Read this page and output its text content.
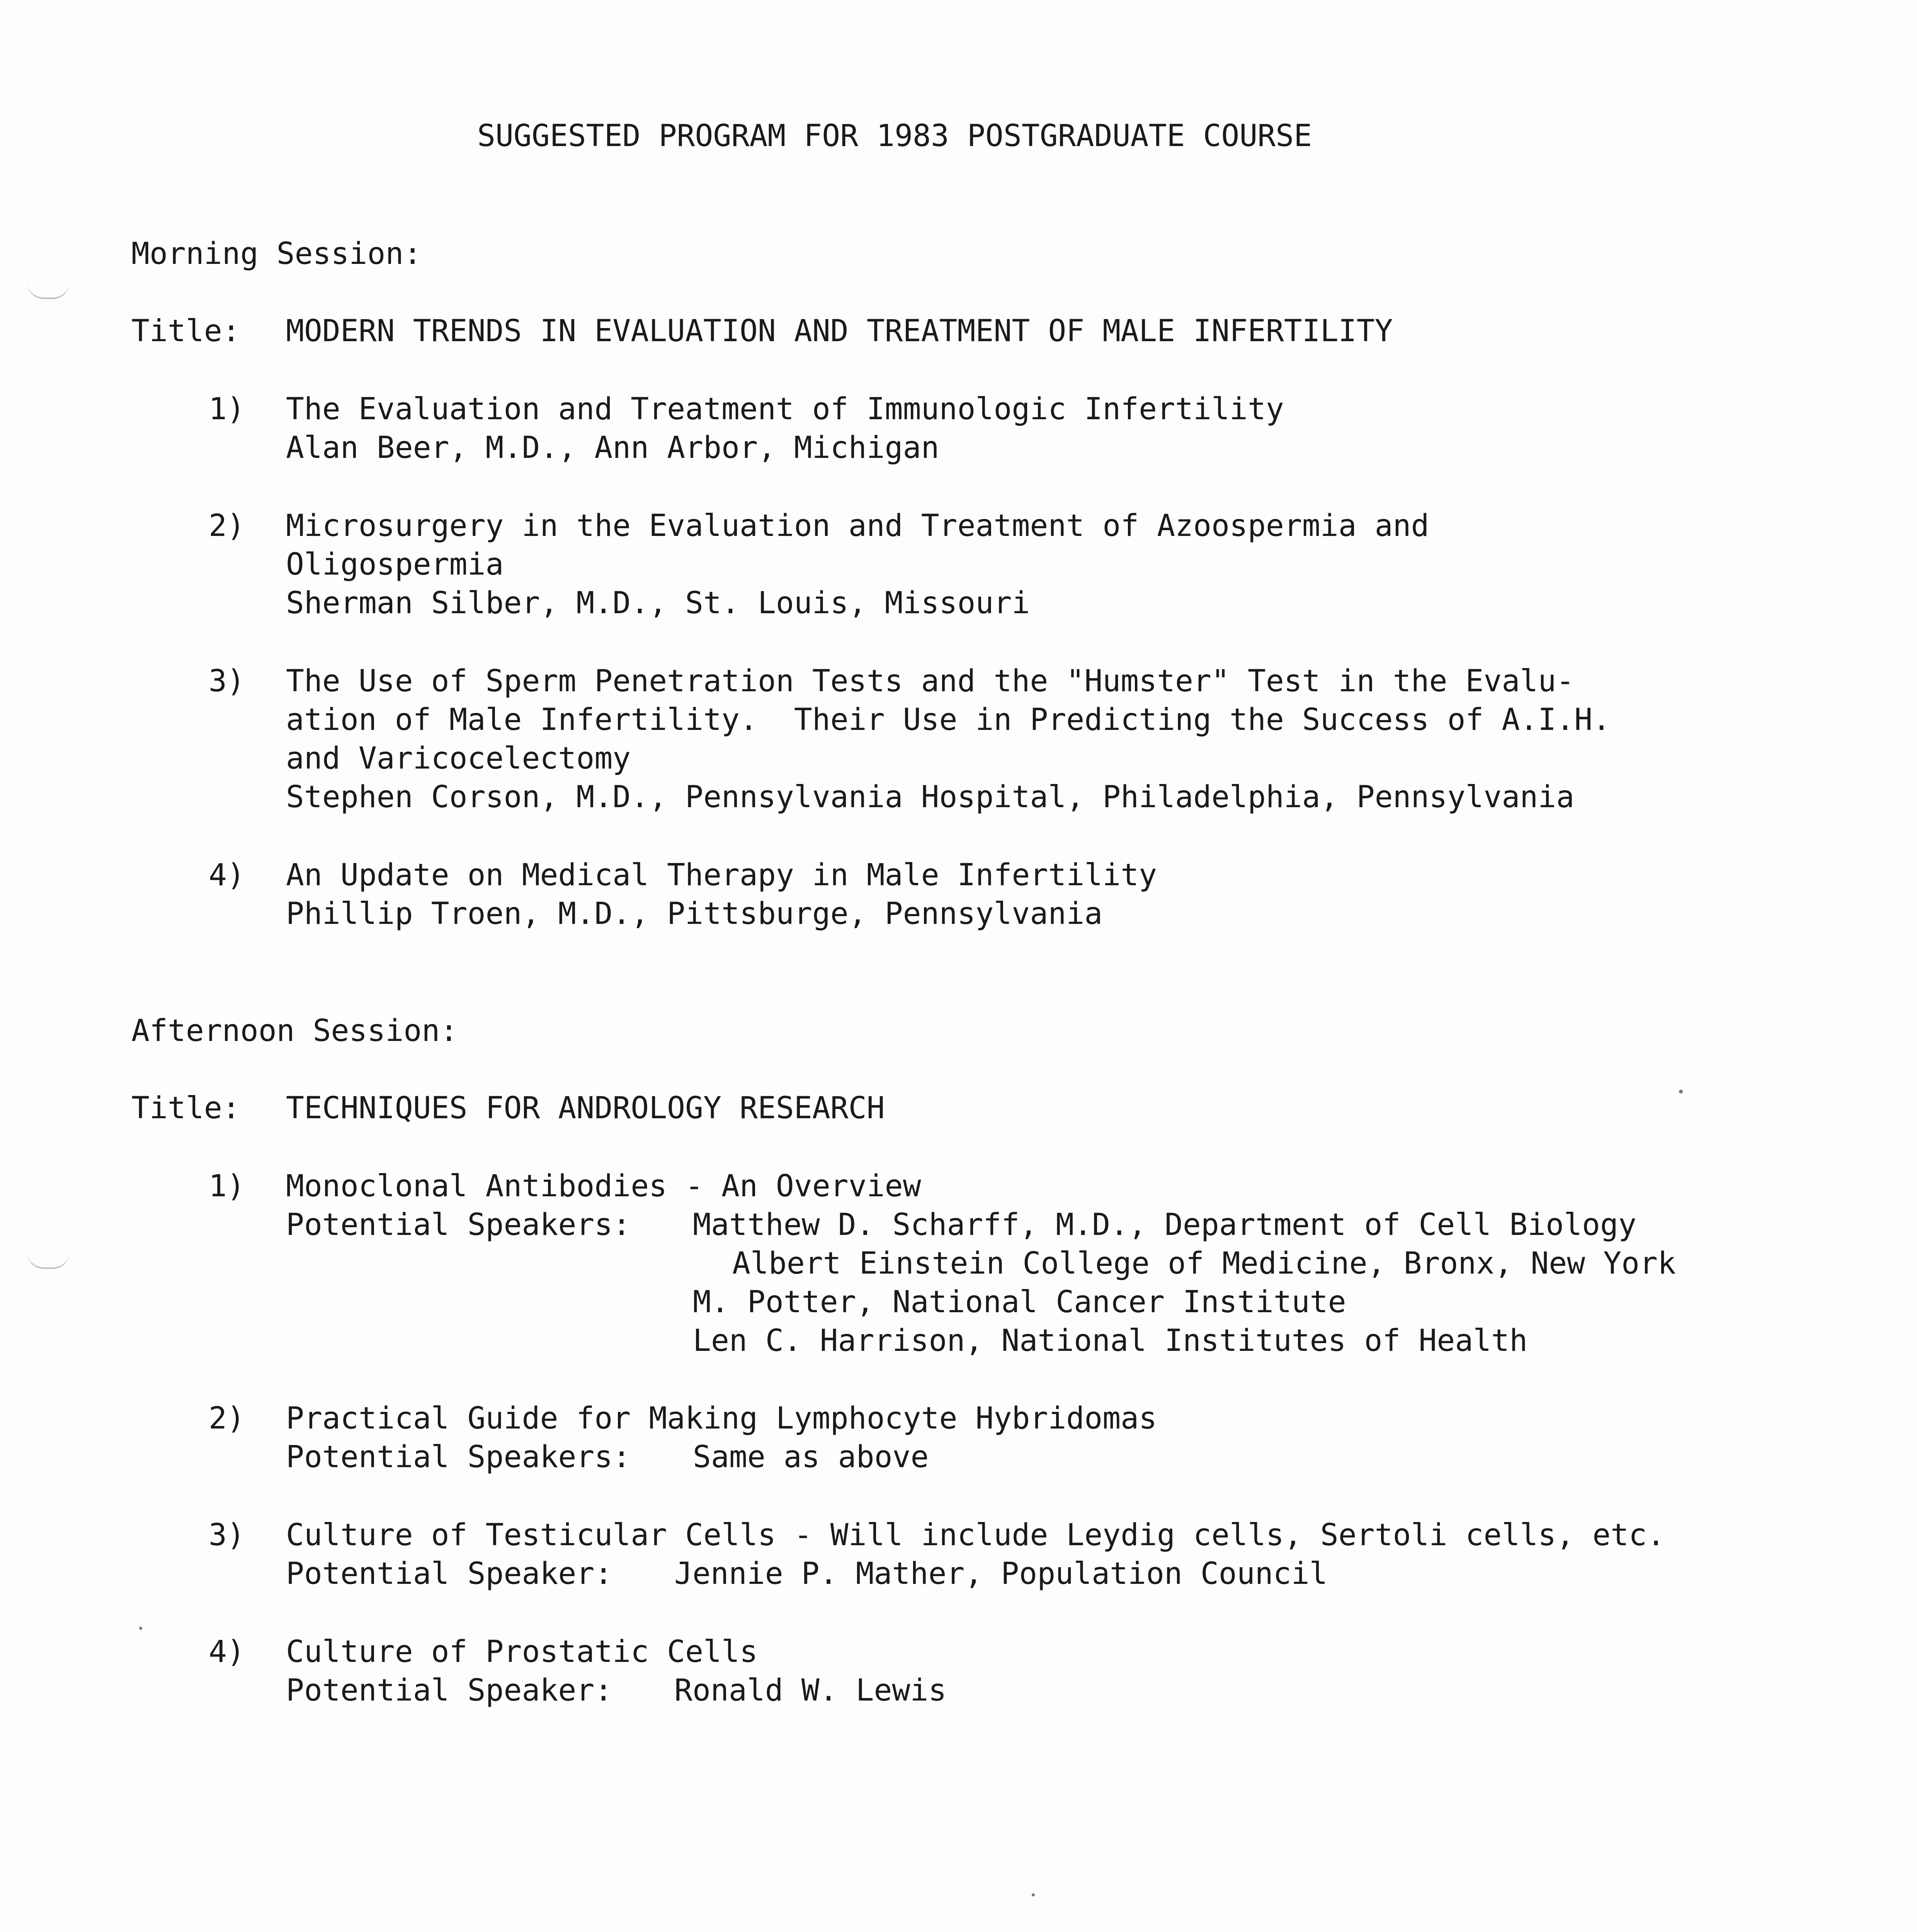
SUGGESTED PROGRAM FOR 1983 POSTGRADUATE COURSE
Morning Session:
Title: MODERN TRENDS IN EVALUATION AND TREATMENT OF MALE INFERTILITY
1) The Evaluation and Treatment of Immunologic Infertility
Alan Beer, M.D., Ann Arbor, Michigan
2) Microsurgery in the Evaluation and Treatment of Azoospermia and
Oligospermia
Sherman Silber, M.D., St. Louis, Missouri
3) The Use of Sperm Penetration Tests and the "Humster" Test in the Evalu-
ation of Male Infertility.  Their Use in Predicting the Success of A.I.H.
and Varicocelectomy
Stephen Corson, M.D., Pennsylvania Hospital, Philadelphia, Pennsylvania
4) An Update on Medical Therapy in Male Infertility
Phillip Troen, M.D., Pittsburge, Pennsylvania
Afternoon Session:
Title: TECHNIQUES FOR ANDROLOGY RESEARCH
1) Monoclonal Antibodies - An Overview
Potential Speakers: Matthew D. Scharff, M.D., Department of Cell Biology
Albert Einstein College of Medicine, Bronx, New York
M. Potter, National Cancer Institute
Len C. Harrison, National Institutes of Health
2) Practical Guide for Making Lymphocyte Hybridomas
Potential Speakers: Same as above
3) Culture of Testicular Cells - Will include Leydig cells, Sertoli cells, etc.
Potential Speaker: Jennie P. Mather, Population Council
4) Culture of Prostatic Cells
Potential Speaker: Ronald W. Lewis
